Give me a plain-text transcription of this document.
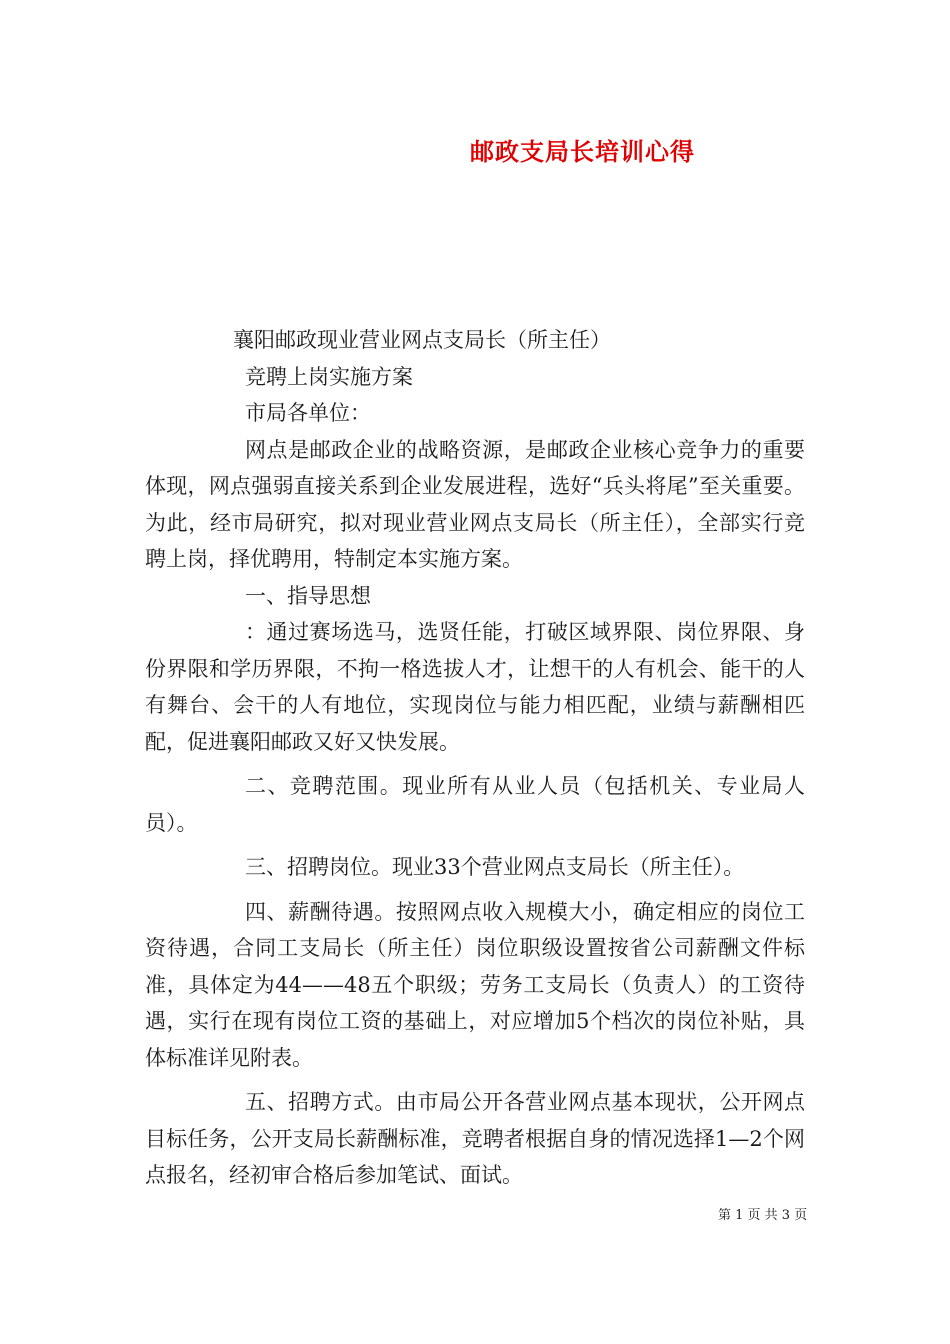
邮政支局长培训心得

襄阳邮政现业营业网点支局长（所主任）

竞聘上岗实施方案

市局各单位：

网点是邮政企业的战略资源，是邮政企业核心竞争力的重要体现，网点强弱直接关系到企业发展进程，选好“兵头将尾”至关重要。为此，经市局研究，拟对现业营业网点支局长（所主任），全部实行竞聘上岗，择优聘用，特制定本实施方案。

一、指导思想

：通过赛场选马，选贤任能，打破区域界限、岗位界限、身份界限和学历界限，不拘一格选拔人才，让想干的人有机会、能干的人有舞台、会干的人有地位，实现岗位与能力相匹配，业绩与薪酬相匹配，促进襄阳邮政又好又快发展。

二、竞聘范围。现业所有从业人员（包括机关、专业局人员）。

三、招聘岗位。现业33个营业网点支局长（所主任）。

四、薪酬待遇。按照网点收入规模大小，确定相应的岗位工资待遇，合同工支局长（所主任）岗位职级设置按省公司薪酬文件标准，具体定为44——48五个职级；劳务工支局长（负责人）的工资待遇，实行在现有岗位工资的基础上，对应增加5个档次的岗位补贴，具体标准详见附表。

五、招聘方式。由市局公开各营业网点基本现状，公开网点目标任务，公开支局长薪酬标准，竞聘者根据自身的情况选择1—2个网点报名，经初审合格后参加笔试、面试。

第 1 页 共 3 页
